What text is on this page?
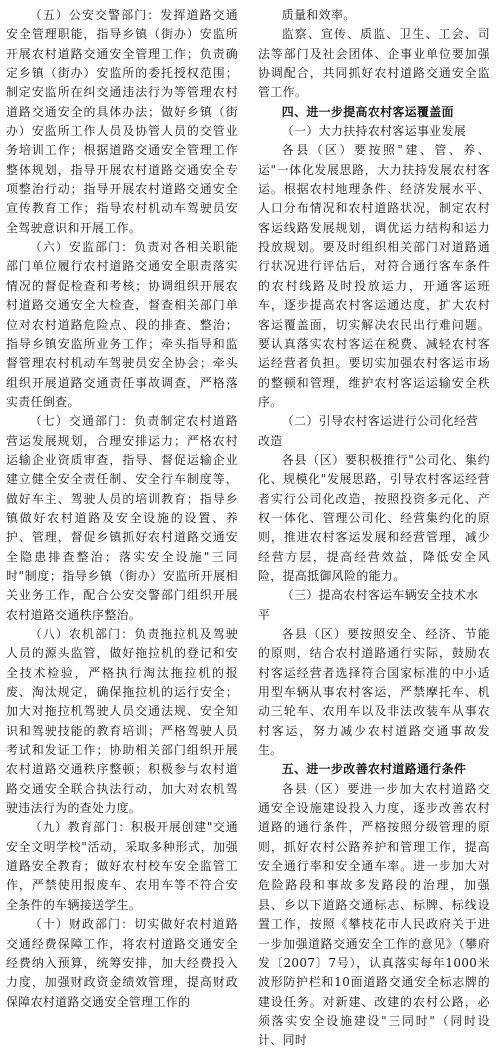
（五）公安交警部门：发挥道路交通安全管理职能，指导乡镇（街办）安监所开展农村道路交通安全管理工作；负责确定乡镇（街办）安监所的委托授权范围；制定安监所在纠交通违法行为等管理农村道路交通安全的具体办法；做好乡镇（街办）安监所工作人员及协管人员的交管业务培训工作；根据道路交通安全管理工作整体规划，指导开展农村道路交通安全专项整治行动；指导开展农村道路交通安全宣传教育工作；指导农村机动车驾驶员安全驾驶意识和开展工作。

（六）安监部门：负责对各相关职能部门单位履行农村道路交通安全职责落实情况的督促检查和考核；协调组织开展农村道路交通安全大检查，督查相关部门单位对农村道路危险点、段的排查、整治；指导乡镇安监所业务工作；牵头指导和监督管理农村机动车驾驶员安全协会；牵头组织开展道路交通责任事故调查，严格落实责任倒查。

（七）交通部门：负责制定农村道路营运发展规划，合理安排运力；严格农村运输企业资质审查，指导、督促运输企业建立健全安全责任制、安全行车制度等，做好车主、驾驶人员的培训教育；指导乡镇做好农村道路及安全设施的设置、养护、管理，督促乡镇抓好农村道路交通安全隐患排查整治；落实安全设施"三同时"制度；指导乡镇（街办）安监所开展相关业务工作，配合公安交警部门组织开展农村道路交通秩序整治。

（八）农机部门：负责拖拉机及驾驶人员的源头监管，做好拖拉机的登记和安全技术检验，严格执行淘汰拖拉机的报废、淘汰规定，确保拖拉机的运行安全；加大对拖拉机驾驶人员交通法规、安全知识和驾驶技能的教育培训；严格驾驶人员考试和发证工作；协助相关部门组织开展农村道路交通秩序整顿；积极参与农村道路交通安全联合执法行动，加大对农机驾驶违法行为的查处力度。

（九）教育部门：积极开展创建"交通安全文明学校"活动，采取多种形式，加强道路安全教育；做好农村校车安全监管工作，严禁使用报废车、农用车等不符合安全条件的车辆接送学生。

（十）财政部门：切实做好农村道路交通经费保障工作，将农村道路交通安全经费纳入预算，统筹安排，加大经费投入力度，加强财政资金绩效管理，提高财政保障农村道路交通安全管理工作的

质量和效率。

监察、宣传、质监、卫生、工会、司法等部门及社会团体、企事业单位要加强协调配合，共同抓好农村道路交通安全监管工作。

四、进一步提高农村客运覆盖面

（一）大力扶持农村客运事业发展

各县（区）要按照"建、管、养、运"一体化发展思路，大力扶持发展农村客运。根据农村地理条件、经济发展水平、人口分布情况和农村道路状况，制定农村客运线路发展规划，调优运力结构和运力投放规划。要及时组织相关部门对道路通行状况进行评估后，对符合通行客车条件的农村线路及时投放运力，开通客运班车，逐步提高农村客运通达度，扩大农村客运覆盖面，切实解决农民出行难问题。要认真落实农村客运在税费、减轻农村客运经营者负担。要切实加强农村客运市场的整顿和管理，维护农村客运运输安全秩序。

（二）引导农村客运进行公司化经营改造

各县（区）要积极推行"公司化、集约化、规模化"发展思路，引导农村客运经营者实行公司化改造，按照投资多元化、产权一体化、管理公司化、经营集约化的原则，推进农村客运发展和经营管理，减少经营方层，提高经营效益，降低安全风险，提高抵御风险的能力。

（三）提高农村客运车辆安全技术水平

各县（区）要按照安全、经济、节能的原则，结合农村道路通行实际，鼓励农村客运经营者选择符合国家标准的中小适用型车辆从事农村客运，严禁摩托车、机动三轮车、农用车以及非法改装车从事农村客运，努力减少农村道路交通事故发生。

五、进一步改善农村道路通行条件

各县（区）要进一步加大农村道路交通安全设施建设投入力度，逐步改善农村道路的通行条件，严格按照分级管理的原则，抓好农村公路养护和管理工作，提高安全通行率和安全通车率。进一步加大对危险路段和事故多发路段的治理，加强县、乡以下道路交通标志、标牌、标线设置工作，按照《攀枝花市人民政府关于进一步加强道路交通安全工作的意见》（攀府发〔2007〕7号），认真落实每年1000米波形防护栏和10面道路交通安全标志牌的建设任务。对新建、改建的农村公路，必须落实安全设施建设"三同时"（同时设计、同时
